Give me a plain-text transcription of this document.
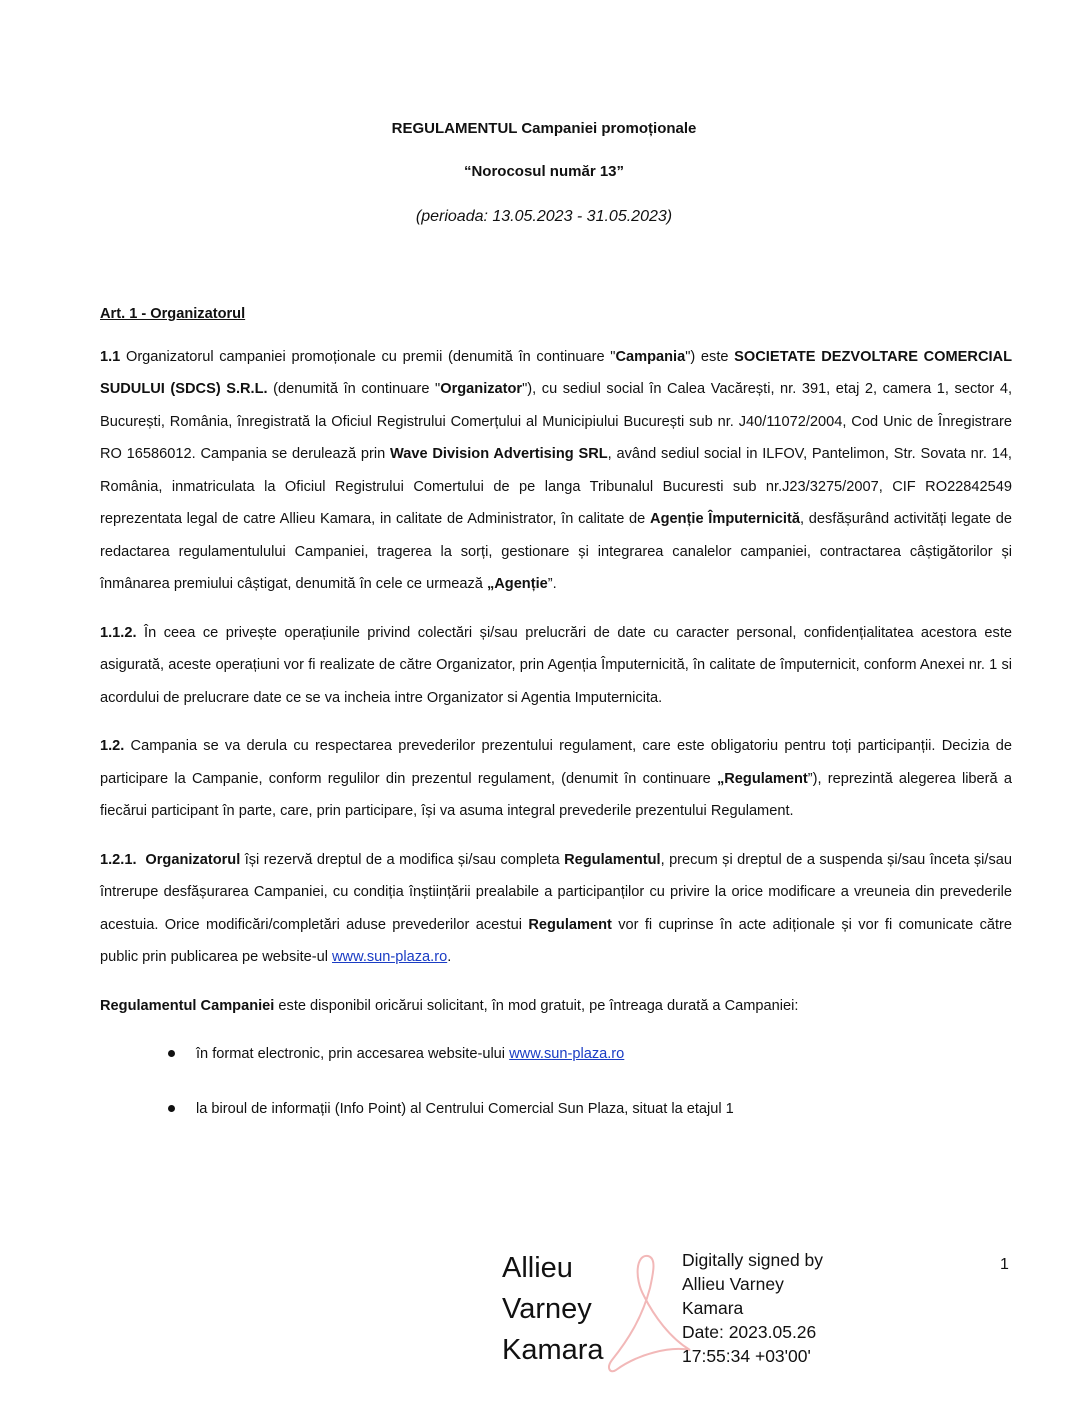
REGULAMENTUL Campaniei promoționale
“Norocosul număr 13”
(perioada: 13.05.2023 - 31.05.2023)

Art. 1 - Organizatorul

1.1 Organizatorul campaniei promoționale cu premii (denumită în continuare "Campania") este SOCIETATE DEZVOLTARE COMERCIAL SUDULUI (SDCS) S.R.L. (denumită în continuare "Organizator"), cu sediul social în Calea Vacărești, nr. 391, etaj 2, camera 1, sector 4, București, România, înregistrată la Oficiul Registrului Comerțului al Municipiului București sub nr. J40/11072/2004, Cod Unic de Înregistrare RO 16586012. Campania se derulează prin Wave Division Advertising SRL, având sediul social in ILFOV, Pantelimon, Str. Sovata nr. 14, România, inmatriculata la Oficiul Registrului Comertului de pe langa Tribunalul Bucuresti sub nr.J23/3275/2007, CIF RO22842549 reprezentata legal de catre Allieu Kamara, in calitate de Administrator, în calitate de Agenție Împuternicită, desfășurând activități legate de redactarea regulamentulului Campaniei, tragerea la sorți, gestionare și integrarea canalelor campaniei, contractarea câștigătorilor și înmânarea premiului câștigat, denumită în cele ce urmează „Agenție”.

1.1.2. În ceea ce privește operațiunile privind colectări și/sau prelucrări de date cu caracter personal, confidențialitatea acestora este asigurată, aceste operațiuni vor fi realizate de către Organizator, prin Agenția Împuternicită, în calitate de împuternicit, conform Anexei nr. 1 si acordului de prelucrare date ce se va incheia intre Organizator si Agentia Imputernicita.

1.2. Campania se va derula cu respectarea prevederilor prezentului regulament, care este obligatoriu pentru toți participanții. Decizia de participare la Campanie, conform regulilor din prezentul regulament, (denumit în continuare „Regulament”), reprezintă alegerea liberă a fiecărui participant în parte, care, prin participare, își va asuma integral prevederile prezentului Regulament.

1.2.1. Organizatorul își rezervă dreptul de a modifica și/sau completa Regulamentul, precum și dreptul de a suspenda și/sau înceta și/sau întrerupe desfășurarea Campaniei, cu condiția înștiințării prealabile a participanților cu privire la orice modificare a vreuneia din prevederile acestuia. Orice modificări/completări aduse prevederilor acestui Regulament vor fi cuprinse în acte adiționale și vor fi comunicate către public prin publicarea pe website-ul www.sun-plaza.ro.

Regulamentul Campaniei este disponibil oricărui solicitant, în mod gratuit, pe întreaga durată a Campaniei:

în format electronic, prin accesarea website-ului www.sun-plaza.ro
la biroul de informații (Info Point) al Centrului Comercial Sun Plaza, situat la etajul 1
Allieu
Varney
Kamara
Digitally signed by
Allieu Varney
Kamara
Date: 2023.05.26
17:55:34 +03'00'
1
